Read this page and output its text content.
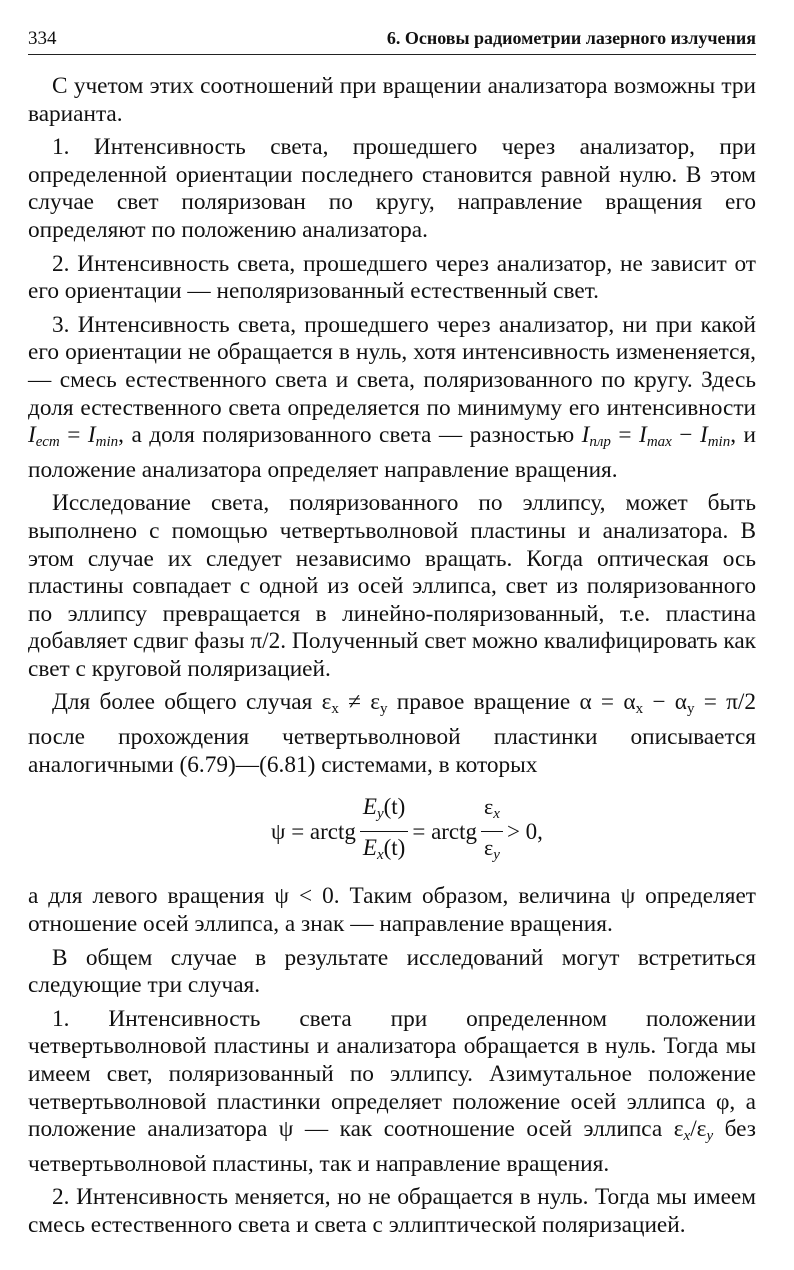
334	6. Основы радиометрии лазерного излучения

С учетом этих соотношений при вращении анализатора возможны три варианта.

1. Интенсивность света, прошедшего через анализатор, при определенной ориентации последнего становится равной нулю. В этом случае свет поляризован по кругу, направление вращения его определяют по положению анализатора.

2. Интенсивность света, прошедшего через анализатор, не зависит от его ориентации — неполяризованный естественный свет.

3. Интенсивность света, прошедшего через анализатор, ни при какой его ориентации не обращается в нуль, хотя интенсивность измененяется, — смесь естественного света и света, поляризованного по кругу. Здесь доля естественного света определяется по минимуму его интенсивности $I_{ест} = I_{min}$, а доля поляризованного света — разностью $I_{плр} = I_{max} - I_{min}$, и положение анализатора определяет направление вращения.

Исследование света, поляризованного по эллипсу, может быть выполнено с помощью четвертьволновой пластины и анализатора. В этом случае их следует независимо вращать. Когда оптическая ось пластины совпадает с одной из осей эллипса, свет из поляризованного по эллипсу превращается в линейно-поляризованный, т.е. пластина добавляет сдвиг фазы π/2. Полученный свет можно квалифицировать как свет с круговой поляризацией.

Для более общего случая $\varepsilon_x \ne \varepsilon_y$ правое вращение $\alpha = \alpha_x - \alpha_y = \pi/2$ после прохождения четвертьволновой пластинки описывается аналогичными (6.79)—(6.81) системами, в которых

ψ = arctg $\frac{E_y(t)}{E_x(t)}$ = arctg $\frac{\varepsilon_x}{\varepsilon_y} > 0$,

а для левого вращения ψ < 0. Таким образом, величина ψ определяет отношение осей эллипса, а знак — направление вращения.

В общем случае в результате исследований могут встретиться следующие три случая.

1. Интенсивность света при определенном положении четвертьволновой пластины и анализатора обращается в нуль. Тогда мы имеем свет, поляризованный по эллипсу. Азимутальное положение четвертьволновой пластинки определяет положение осей эллипса φ, а положение анализатора ψ — как соотношение осей эллипса $\varepsilon_x/\varepsilon_y$ без четвертьволновой пластины, так и направление вращения.

2. Интенсивность меняется, но не обращается в нуль. Тогда мы имеем смесь естественного света и света с эллиптической поляризацией.
